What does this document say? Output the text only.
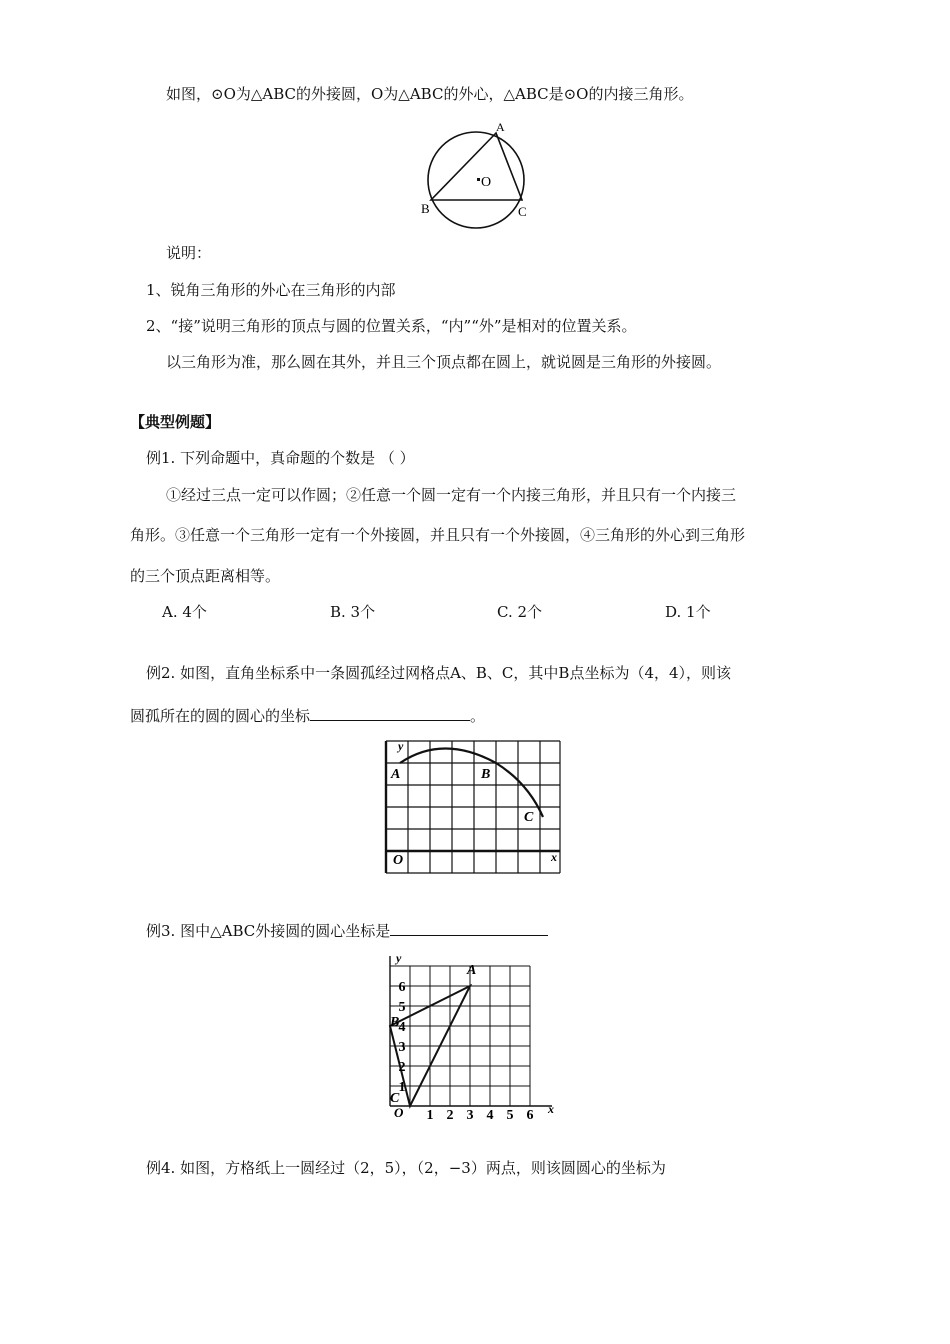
如图，⊙O为△ABC的外接圆，O为△ABC的外心，△ABC是⊙O的内接三角形。
O
A
B	C
说明：
1、锐角三角形的外心在三角形的内部
2、“接”说明三角形的顶点与圆的位置关系，“内”“外”是相对的位置关系。
以三角形为准，那么圆在其外，并且三个顶点都在圆上，就说圆是三角形的外接圆。
【典型例题】
例1. 下列命题中，真命题的个数是 （ ）
①经过三点一定可以作圆；②任意一个圆一定有一个内接三角形，并且只有一个内接三
角形。③任意一个三角形一定有一个外接圆，并且只有一个外接圆，④三角形的外心到三角形
的三个顶点距离相等。
A. 4个	B. 3个	C. 2个	D. 1个
例2. 如图，直角坐标系中一条圆孤经过网格点A、B、C，其中B点坐标为（4，4），则该
圆孤所在的圆的圆心的坐标	。
y
A	B
C
O	x
例3. 图中△ABC外接圆的圆心坐标是
y
x
O
A
B
C
1
2
3
4
5
6
1 2 3 4 5 6
例4. 如图，方格纸上一圆经过（2，5），（2，−3）两点，则该圆圆心的坐标为
